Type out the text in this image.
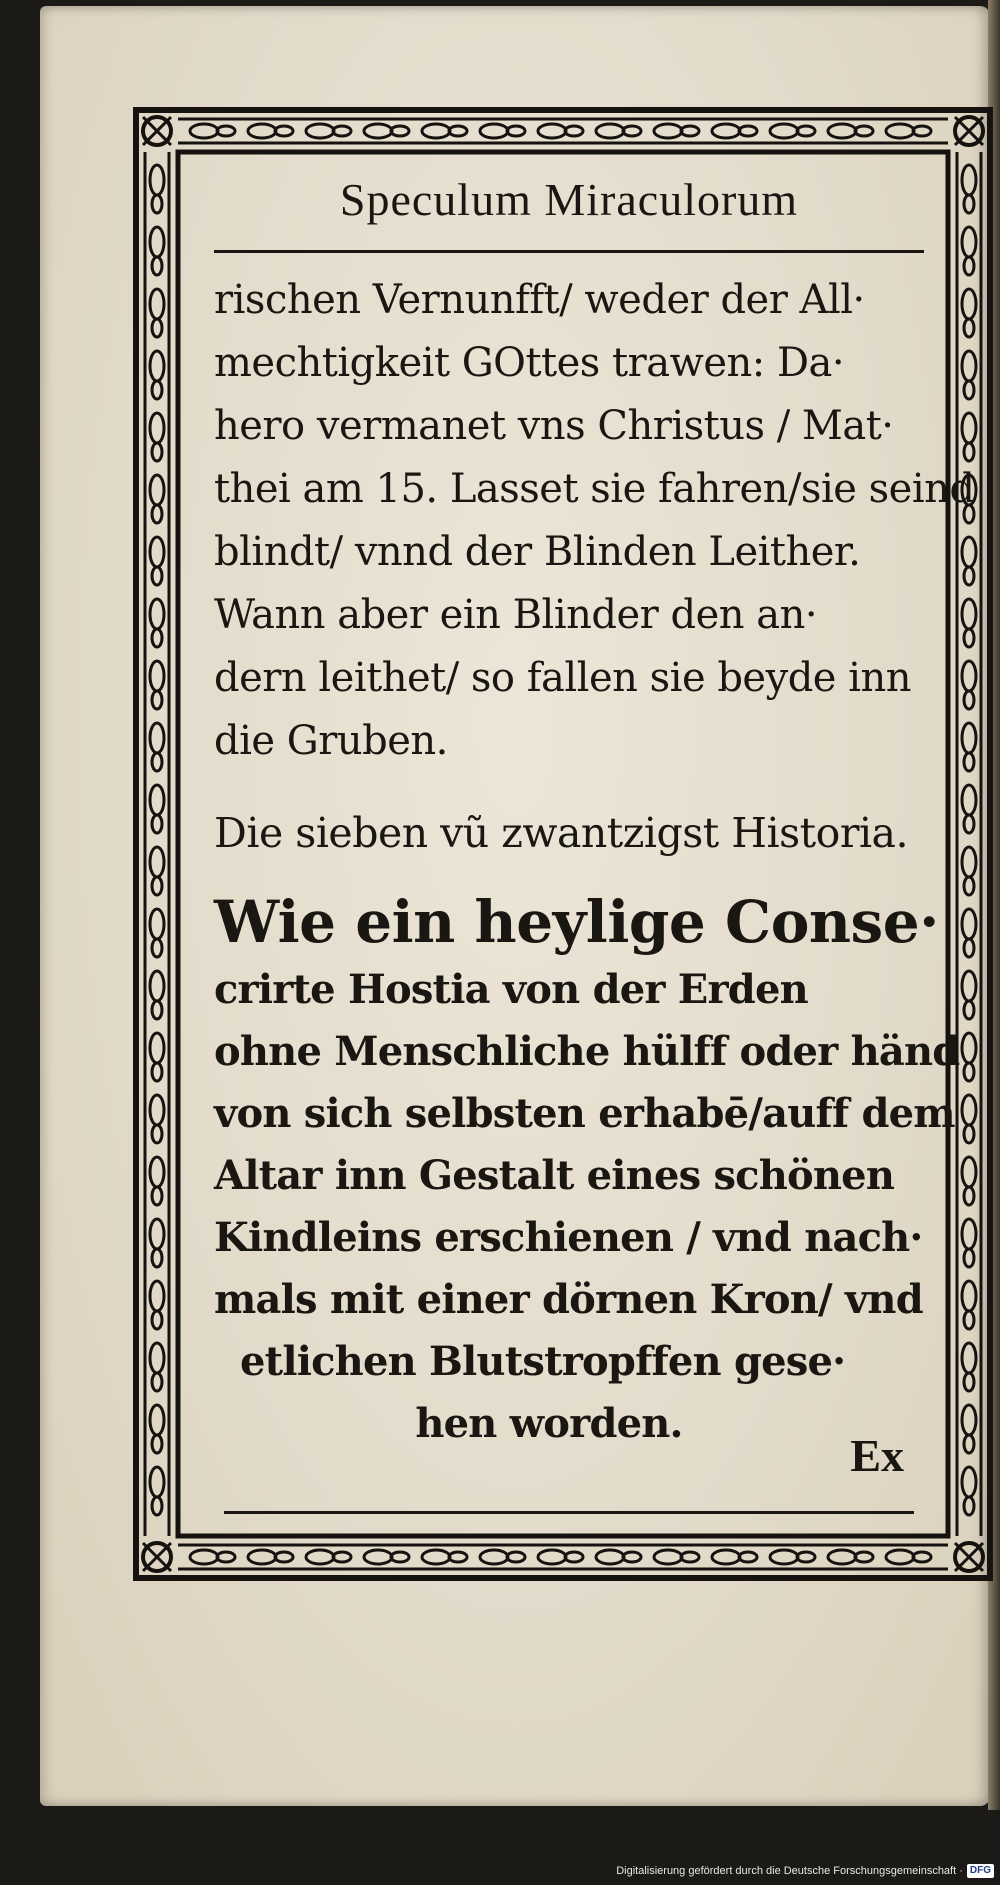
Speculum Miraculorum
rischen Vernunfft/ weder der All·
mechtigkeit GOttes trawen: Da·
hero vermanet vns Christus / Mat·
thei am 15. Lasset sie fahren/sie seind
blindt/ vnnd der Blinden Leither.
Wann aber ein Blinder den an·
dern leithet/ so fallen sie beyde inn
die Gruben.
Die sieben vũ zwantzigst Historia.
Wie ein heylige Conse·
crirte Hostia von der Erden
ohne Menschliche hülff oder händ
von sich selbsten erhabē/auff dem
Altar inn Gestalt eines schönen
Kindleins erschienen / vnd nach·
mals mit einer dörnen Kron/ vnd
etlichen Blutstropffen gese·
hen worden.
Ex
Digitalisierung gefördert durch die Deutsche Forschungsgemeinschaft · DFG
